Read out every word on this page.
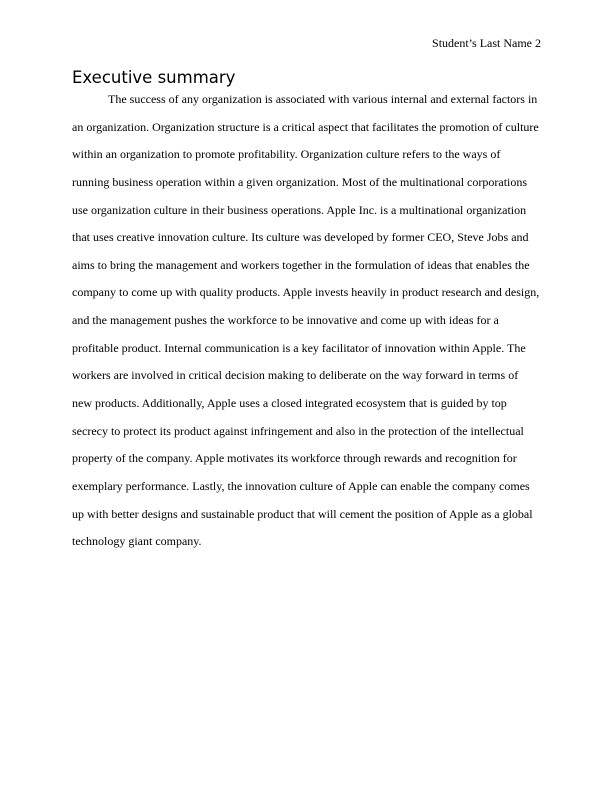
Student’s Last Name 2
Executive summary
The success of any organization is associated with various internal and external factors in
an organization. Organization structure is a critical aspect that facilitates the promotion of culture
within an organization to promote profitability. Organization culture refers to the ways of
running business operation within a given organization. Most of the multinational corporations
use organization culture in their business operations. Apple Inc. is a multinational organization
that uses creative innovation culture. Its culture was developed by former CEO, Steve Jobs and
aims to bring the management and workers together in the formulation of ideas that enables the
company to come up with quality products. Apple invests heavily in product research and design,
and the management pushes the workforce to be innovative and come up with ideas for a
profitable product. Internal communication is a key facilitator of innovation within Apple. The
workers are involved in critical decision making to deliberate on the way forward in terms of
new products. Additionally, Apple uses a closed integrated ecosystem that is guided by top
secrecy to protect its product against infringement and also in the protection of the intellectual
property of the company. Apple motivates its workforce through rewards and recognition for
exemplary performance. Lastly, the innovation culture of Apple can enable the company comes
up with better designs and sustainable product that will cement the position of Apple as a global
technology giant company.
